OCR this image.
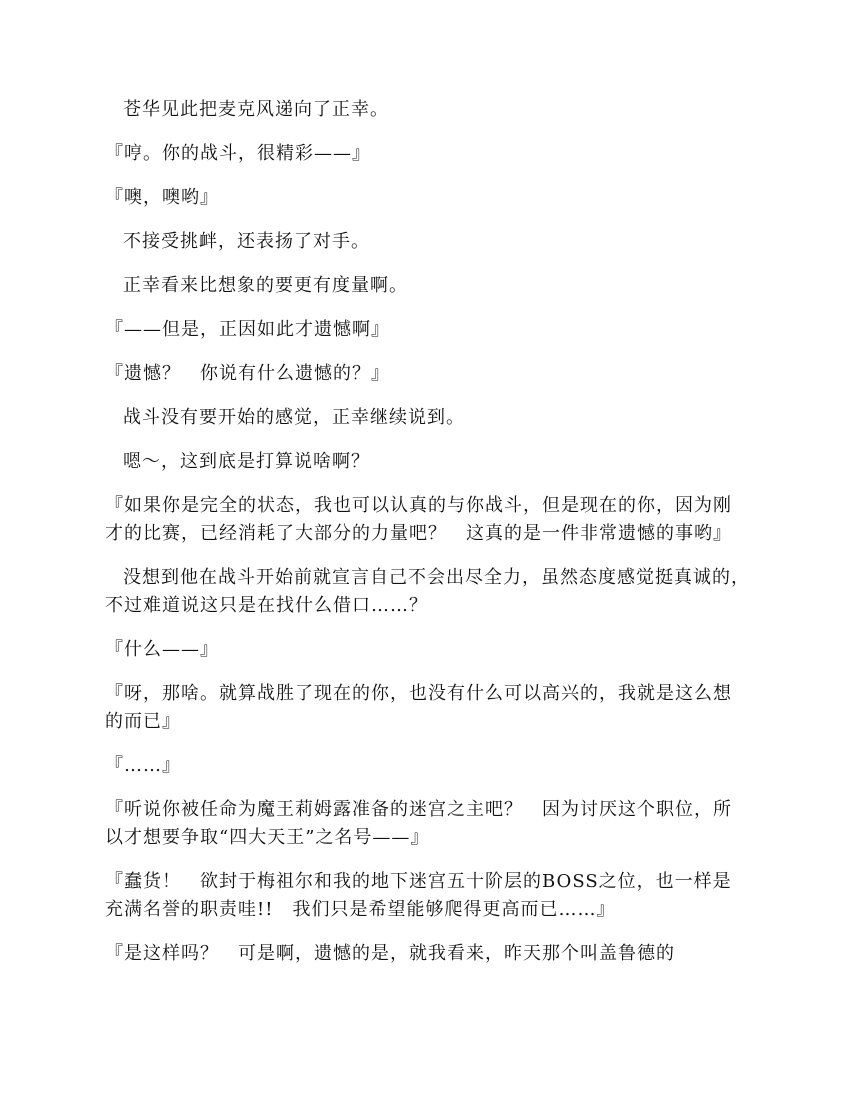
苍华见此把麦克风递向了正幸。

『哼。你的战斗，很精彩——』

『噢，噢哟』

不接受挑衅，还表扬了对手。

正幸看来比想象的要更有度量啊。

『——但是，正因如此才遗憾啊』

『遗憾？　你说有什么遗憾的？』

战斗没有要开始的感觉，正幸继续说到。

嗯～，这到底是打算说啥啊？

『如果你是完全的状态，我也可以认真的与你战斗，但是现在的你，因为刚才的比赛，已经消耗了大部分的力量吧？　这真的是一件非常遗憾的事哟』

没想到他在战斗开始前就宣言自己不会出尽全力，虽然态度感觉挺真诚的，不过难道说这只是在找什么借口……？

『什么——』

『呀，那啥。就算战胜了现在的你，也没有什么可以高兴的，我就是这么想的而已』

『……』

『听说你被任命为魔王莉姆露准备的迷宫之主吧？　因为讨厌这个职位，所以才想要争取“四大天王”之名号——』

『蠢货！　欲封于梅祖尔和我的地下迷宫五十阶层的BOSS之位，也一样是充满名誉的职责哇!!　我们只是希望能够爬得更高而已……』

『是这样吗？　可是啊，遗憾的是，就我看来，昨天那个叫盖鲁德的
